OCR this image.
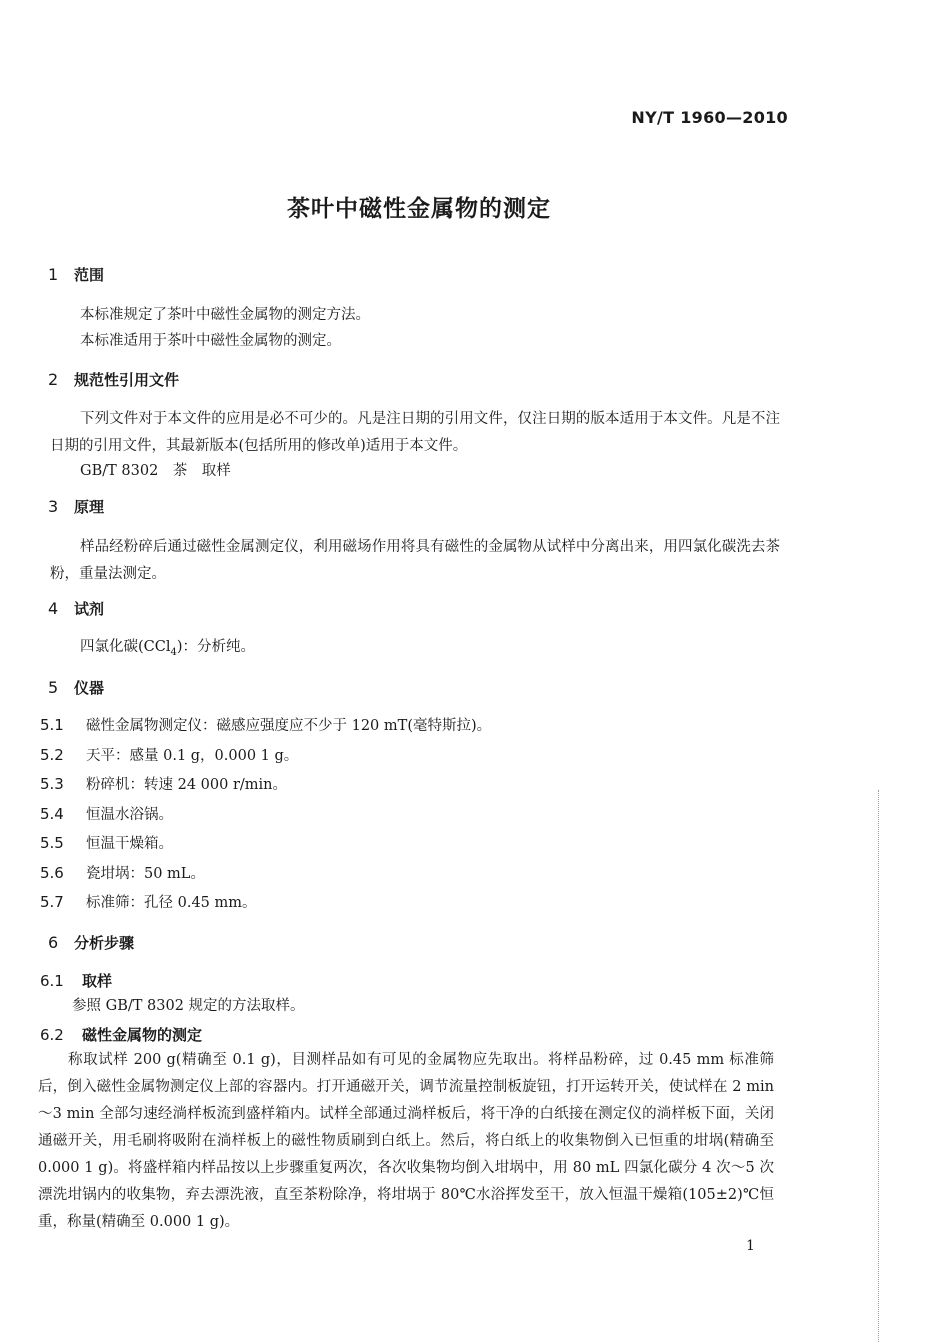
NY/T 1960—2010
茶叶中磁性金属物的测定
1 范围
本标准规定了茶叶中磁性金属物的测定方法。
本标准适用于茶叶中磁性金属物的测定。
2 规范性引用文件
下列文件对于本文件的应用是必不可少的。凡是注日期的引用文件，仅注日期的版本适用于本文件。凡是不注日期的引用文件，其最新版本(包括所用的修改单)适用于本文件。
GB/T 8302　茶　取样
3 原理
样品经粉碎后通过磁性金属测定仪，利用磁场作用将具有磁性的金属物从试样中分离出来，用四氯化碳洗去茶粉，重量法测定。
4 试剂
四氯化碳(CCl$_4$)：分析纯。
5 仪器
5.1 磁性金属物测定仪：磁感应强度应不少于 120 mT(毫特斯拉)。
5.2 天平：感量 0.1 g，0.000 1 g。
5.3 粉碎机：转速 24 000 r/min。
5.4 恒温水浴锅。
5.5 恒温干燥箱。
5.6 瓷坩埚：50 mL。
5.7 标准筛：孔径 0.45 mm。
6 分析步骤
6.1 取样
参照 GB/T 8302 规定的方法取样。
6.2 磁性金属物的测定
称取试样 200 g(精确至 0.1 g)，目测样品如有可见的金属物应先取出。将样品粉碎，过 0.45 mm 标准筛后，倒入磁性金属物测定仪上部的容器内。打开通磁开关，调节流量控制板旋钮，打开运转开关，使试样在 2 min～3 min 全部匀速经淌样板流到盛样箱内。试样全部通过淌样板后，将干净的白纸接在测定仪的淌样板下面，关闭通磁开关，用毛刷将吸附在淌样板上的磁性物质刷到白纸上。然后，将白纸上的收集物倒入已恒重的坩埚(精确至 0.000 1 g)。将盛样箱内样品按以上步骤重复两次，各次收集物均倒入坩埚中，用 80 mL 四氯化碳分 4 次～5 次漂洗坩锅内的收集物，弃去漂洗液，直至茶粉除净，将坩埚于 80℃水浴挥发至干，放入恒温干燥箱(105±2)℃恒重，称量(精确至 0.000 1 g)。
1
